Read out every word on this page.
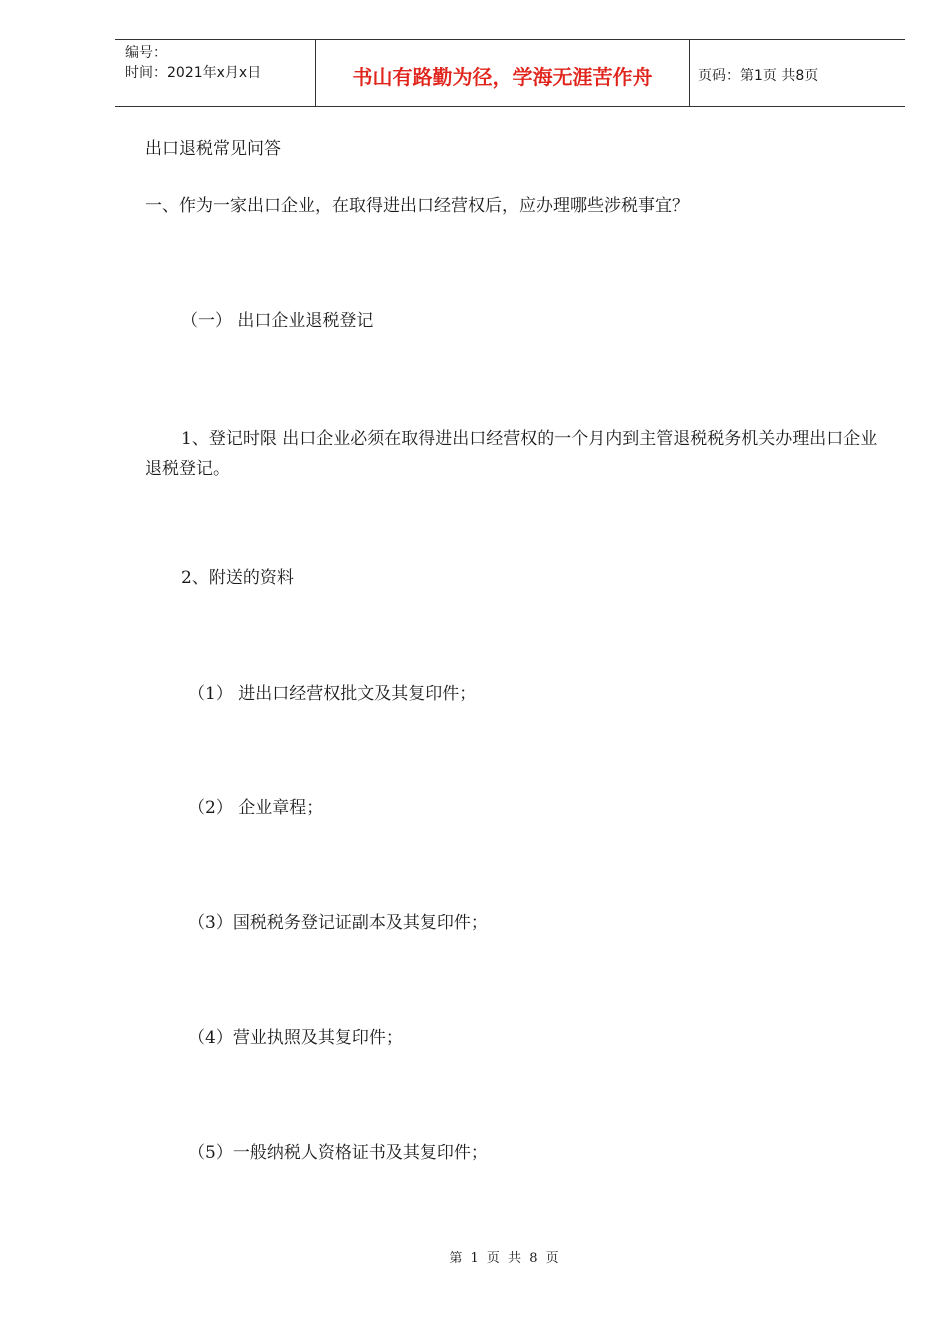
编号：
时间：2021年x月x日	书山有路勤为径，学海无涯苦作舟	页码：第1页 共8页
出口退税常见问答
一、作为一家出口企业，在取得进出口经营权后，应办理哪些涉税事宜？
（一） 出口企业退税登记
1、登记时限 出口企业必须在取得进出口经营权的一个月内到主管退税税务机关办理出口企业退税登记。
2、附送的资料
（1） 进出口经营权批文及其复印件；
（2） 企业章程；
（3）国税税务登记证副本及其复印件；
（4）营业执照及其复印件；
（5）一般纳税人资格证书及其复印件；
第 1 页 共 8 页
